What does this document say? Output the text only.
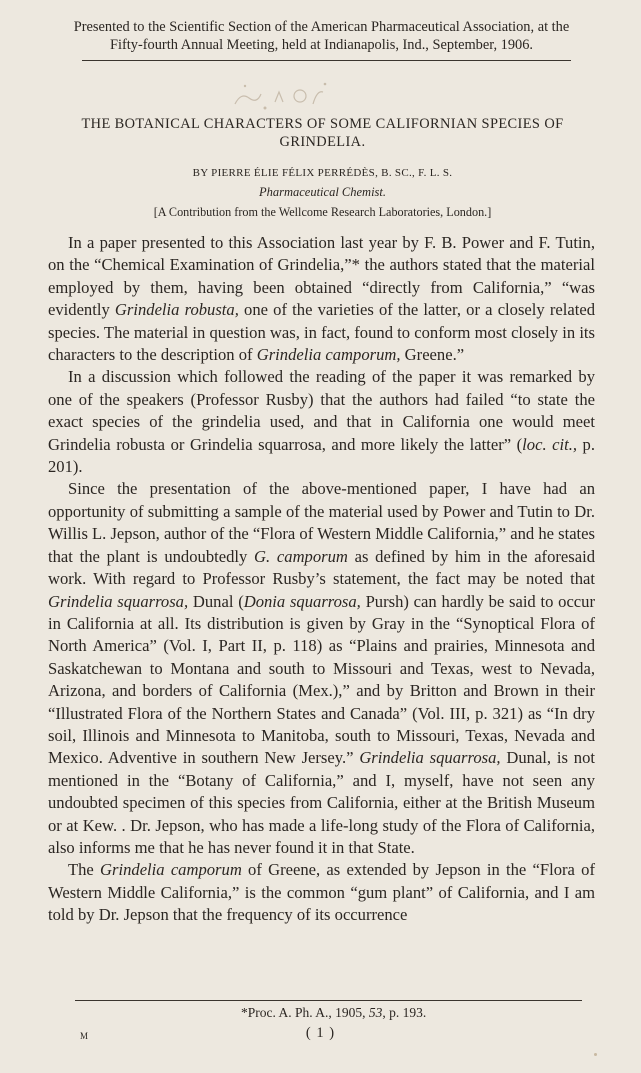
Presented to the Scientific Section of the American Pharmaceutical Association, at the
Fifty-fourth Annual Meeting, held at Indianapolis, Ind., September, 1906.
THE BOTANICAL CHARACTERS OF SOME CALIFORNIAN SPECIES OF
GRINDELIA.
BY PIERRE ÉLIE FÉLIX PERRÉDÈS, B. SC., F. L. S.
Pharmaceutical Chemist.
[A Contribution from the Wellcome Research Laboratories, London.]

In a paper presented to this Association last year by F. B. Power and F. Tutin, on the “Chemical Examination of Grindelia,”* the authors stated that the material employed by them, having been obtained “directly from California,” “was evidently Grindelia robusta, one of the varieties of the latter, or a closely related species. The material in question was, in fact, found to conform most closely in its characters to the description of Grindelia camporum, Greene.”

In a discussion which followed the reading of the paper it was remarked by one of the speakers (Professor Rusby) that the authors had failed “to state the exact species of the grindelia used, and that in California one would meet Grindelia robusta or Grindelia squarrosa, and more likely the latter” (loc. cit., p. 201).

Since the presentation of the above-mentioned paper, I have had an opportunity of submitting a sample of the material used by Power and Tutin to Dr. Willis L. Jepson, author of the “Flora of Western Middle California,” and he states that the plant is undoubtedly G. camporum as defined by him in the aforesaid work. With regard to Professor Rusby’s statement, the fact may be noted that Grindelia squarrosa, Dunal (Donia squarrosa, Pursh) can hardly be said to occur in California at all. Its distribution is given by Gray in the “Synoptical Flora of North America” (Vol. I, Part II, p. 118) as “Plains and prairies, Minnesota and Saskatchewan to Montana and south to Missouri and Texas, west to Nevada, Arizona, and borders of California (Mex.),” and by Britton and Brown in their “Illustrated Flora of the Northern States and Canada” (Vol. III, p. 321) as “In dry soil, Illinois and Minnesota to Manitoba, south to Missouri, Texas, Nevada and Mexico. Adventive in southern New Jersey.” Grindelia squarrosa, Dunal, is not mentioned in the “Botany of California,” and I, myself, have not seen any undoubted specimen of this species from California, either at the British Museum or at Kew. . Dr. Jepson, who has made a life-long study of the Flora of California, also informs me that he has never found it in that State.

The Grindelia camporum of Greene, as extended by Jepson in the “Flora of Western Middle California,” is the common “gum plant” of California, and I am told by Dr. Jepson that the frequency of its occurrence

*Proc. A. Ph. A., 1905, 53, p. 193.
M	( 1 )
